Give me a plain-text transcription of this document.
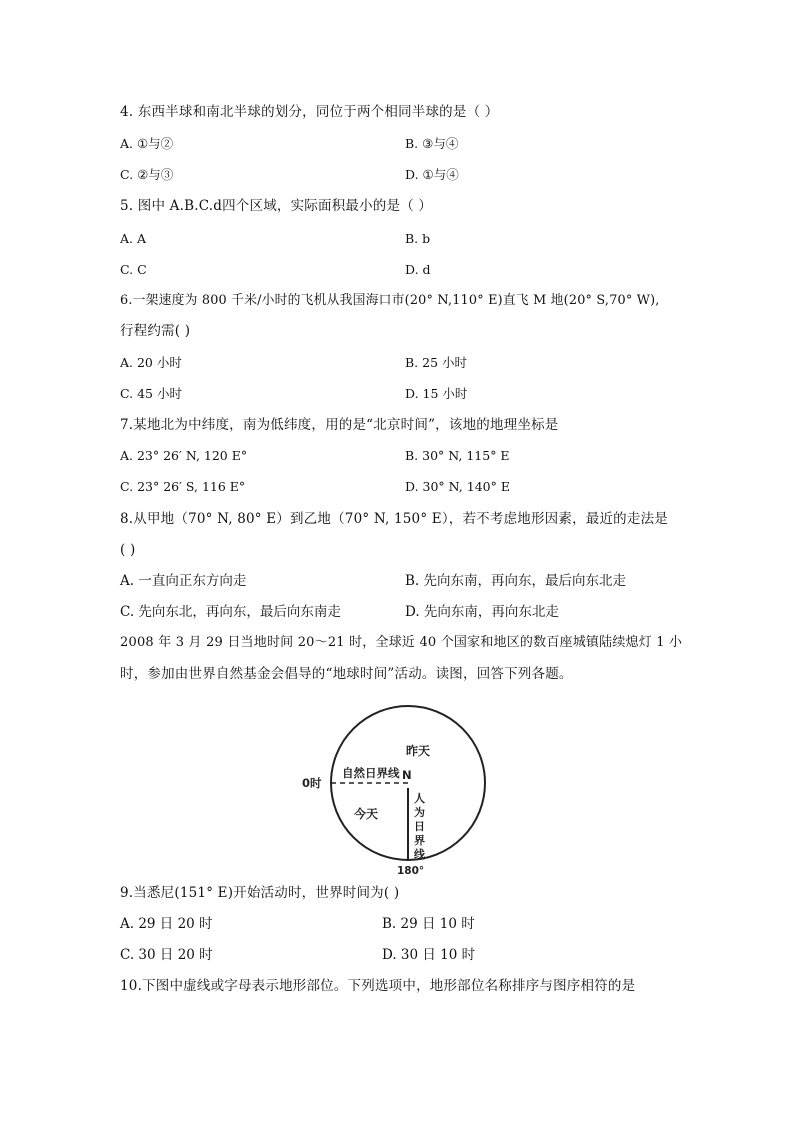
4. 东西半球和南北半球的划分，同位于两个相同半球的是（ ）
A. ①与②	B. ③与④
C. ②与③	D. ①与④
5. 图中 A.B.C.d四个区域，实际面积最小的是（ ）
A. A	B. b
C. C	D. d
6.一架速度为 800 千米/小时的飞机从我国海口市(20° N,110° E)直飞 M 地(20° S,70° W),
行程约需( )
A. 20 小时	B. 25 小时
C. 45 小时	D. 15 小时
7.某地北为中纬度，南为低纬度，用的是“北京时间”，该地的地理坐标是
A. 23° 26′ N, 120 E°	B. 30° N, 115° E
C. 23° 26′ S, 116 E°	D. 30° N, 140° E
8.从甲地（70° N, 80° E）到乙地（70° N, 150° E），若不考虑地形因素，最近的走法是
( )
A. 一直向正东方向走	B. 先向东南，再向东，最后向东北走
C. 先向东北，再向东，最后向东南走	D. 先向东南，再向东北走
2008 年 3 月 29 日当地时间 20～21 时，全球近 40 个国家和地区的数百座城镇陆续熄灯 1 小
时，参加由世界自然基金会倡导的“地球时间”活动。读图，回答下列各题。
昨天
自然日界线 N
0时
今天
人
为
日
界
线
180°
9.当悉尼(151° E)开始活动时，世界时间为( )
A. 29 日 20 时	B. 29 日 10 时
C. 30 日 20 时	D. 30 日 10 时
10.下图中虚线或字母表示地形部位。下列选项中，地形部位名称排序与图序相符的是
